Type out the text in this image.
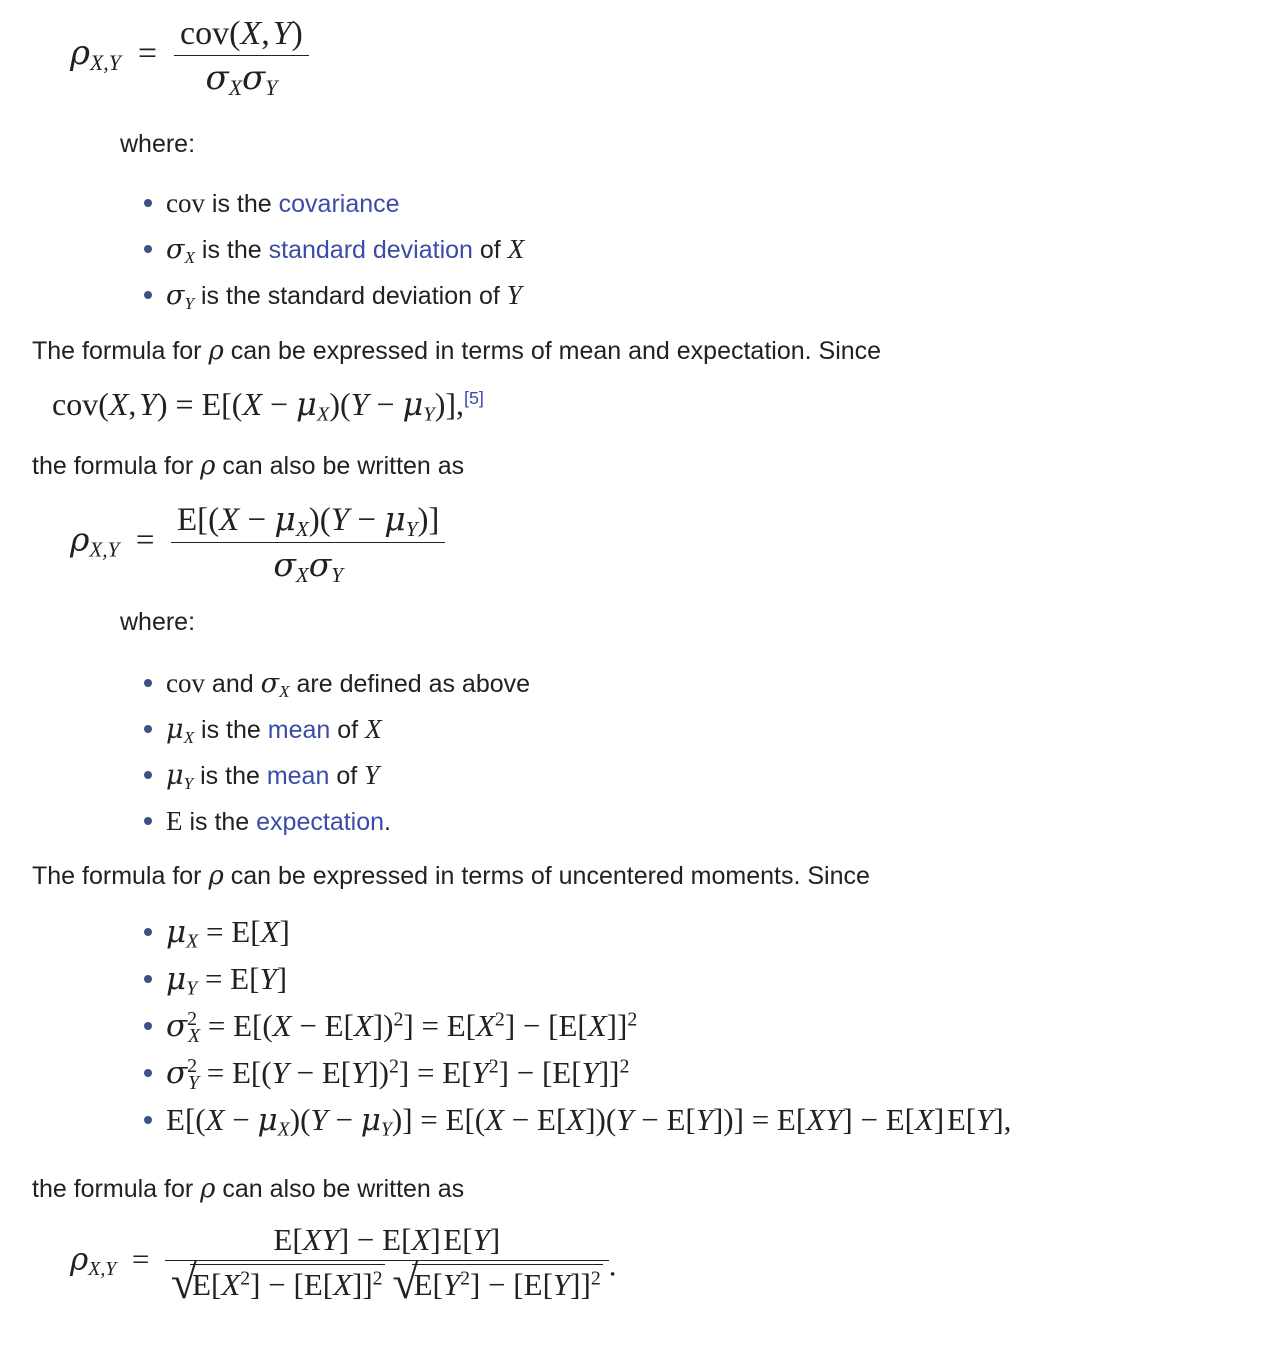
$\rho_{X,Y} = \frac{\text{cov(X, Y)}}{\sigma_X\sigma_Y}$
where:
cov is the covariance
$\sigma_X$ is the standard deviation of X
$\sigma_Y$ is the standard deviation of Y
The formula for ρ can be expressed in terms of mean and expectation. Since
cov(X, $Y) = E[(X - \mu_X)(Y - \mu_Y)],[5]$
the formula for ρ can also be written as
$\rho_{X,Y} = \frac{E[(X - \mu_X)(Y - \mu_Y)]}{\sigma_X\sigma_Y}$
where:
cov and $\sigma_X$ are defined as above
$\mu_X$ is the mean of X
$\mu_Y$ is the mean of Y
E is the expectation.
The formula for ρ can be expressed in terms of uncentered moments. Since
$\mu_X = E[X]$
$\mu_Y = E[Y]$
$\sigma^2_X = E[(X - E[X])^2] = E[X^2] - [E[X]]^2$
$\sigma^2_Y = E[(Y - E[Y])^2] = E[Y^2] - [E[Y]]^2$
$E[(X - \mu_X)(Y - \mu_Y)] = E[(X - E[X])(Y - E[Y])] = E[XY] - E[X]$ E[Y],
the formula for ρ can also be written as
$\rho_{X,Y} = E[XY] - E[X]$ E[Y]
√
$E[X^2] - [E[X]]^2$ √
$E[Y^2] - [E[Y]]^2$ .
